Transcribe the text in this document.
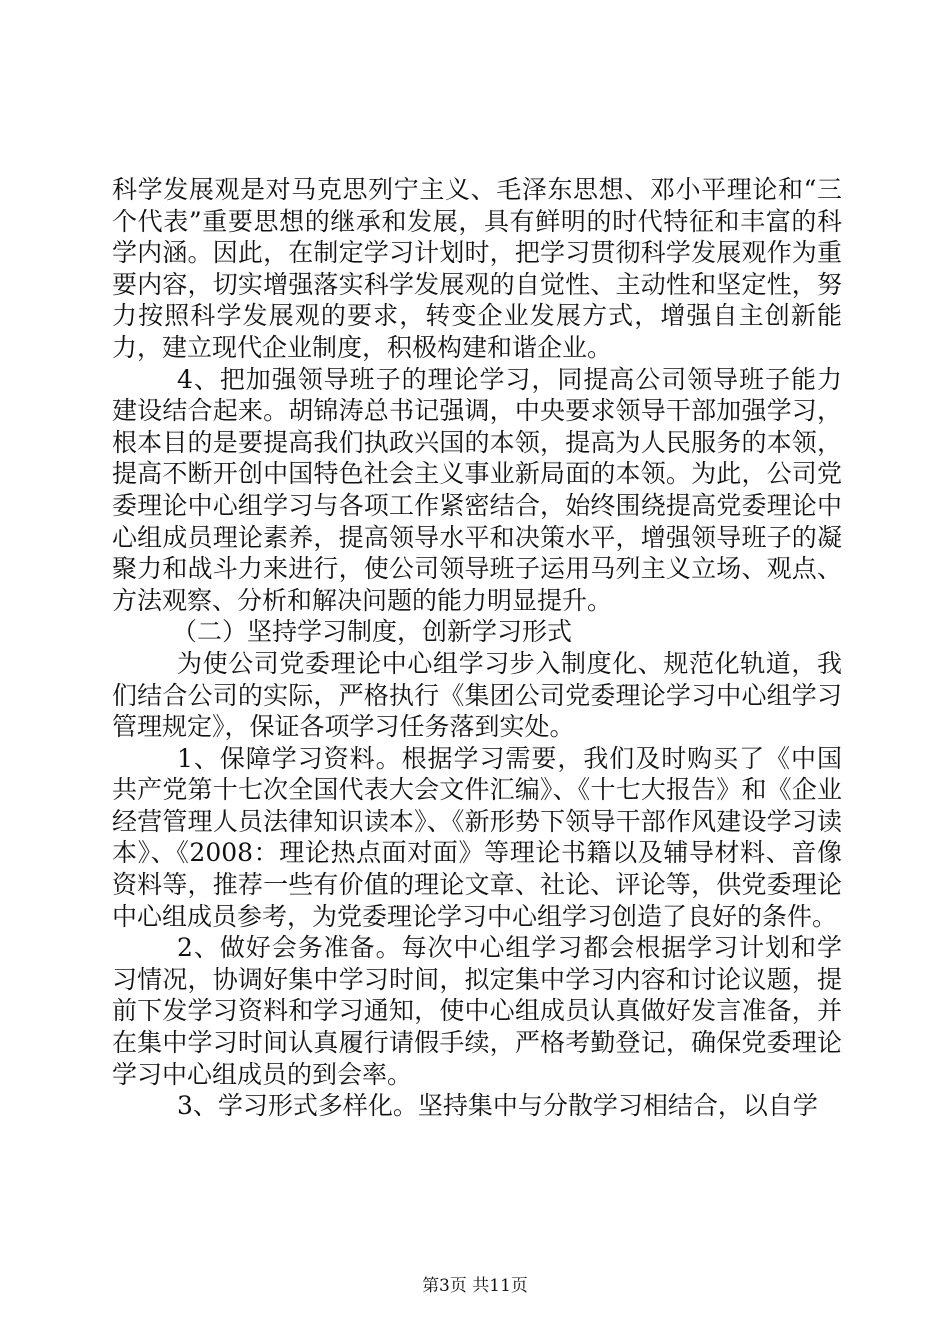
科学发展观是对马克思列宁主义、毛泽东思想、邓小平理论和“三个代表”重要思想的继承和发展，具有鲜明的时代特征和丰富的科学内涵。因此，在制定学习计划时，把学习贯彻科学发展观作为重要内容，切实增强落实科学发展观的自觉性、主动性和坚定性，努力按照科学发展观的要求，转变企业发展方式，增强自主创新能力，建立现代企业制度，积极构建和谐企业。

4、把加强领导班子的理论学习，同提高公司领导班子能力建设结合起来。胡锦涛总书记强调，中央要求领导干部加强学习，根本目的是要提高我们执政兴国的本领，提高为人民服务的本领，提高不断开创中国特色社会主义事业新局面的本领。为此，公司党委理论中心组学习与各项工作紧密结合，始终围绕提高党委理论中心组成员理论素养，提高领导水平和决策水平，增强领导班子的凝聚力和战斗力来进行，使公司领导班子运用马列主义立场、观点、方法观察、分析和解决问题的能力明显提升。

（二）坚持学习制度，创新学习形式

为使公司党委理论中心组学习步入制度化、规范化轨道，我们结合公司的实际，严格执行《集团公司党委理论学习中心组学习管理规定》，保证各项学习任务落到实处。

1、保障学习资料。根据学习需要，我们及时购买了《中国共产党第十七次全国代表大会文件汇编》、《十七大报告》和《企业经营管理人员法律知识读本》、《新形势下领导干部作风建设学习读本》、《2008：理论热点面对面》等理论书籍以及辅导材料、音像资料等，推荐一些有价值的理论文章、社论、评论等，供党委理论中心组成员参考，为党委理论学习中心组学习创造了良好的条件。

2、做好会务准备。每次中心组学习都会根据学习计划和学习情况，协调好集中学习时间，拟定集中学习内容和讨论议题，提前下发学习资料和学习通知，使中心组成员认真做好发言准备，并在集中学习时间认真履行请假手续，严格考勤登记，确保党委理论学习中心组成员的到会率。

3、学习形式多样化。坚持集中与分散学习相结合，以自学

第3页 共11页
